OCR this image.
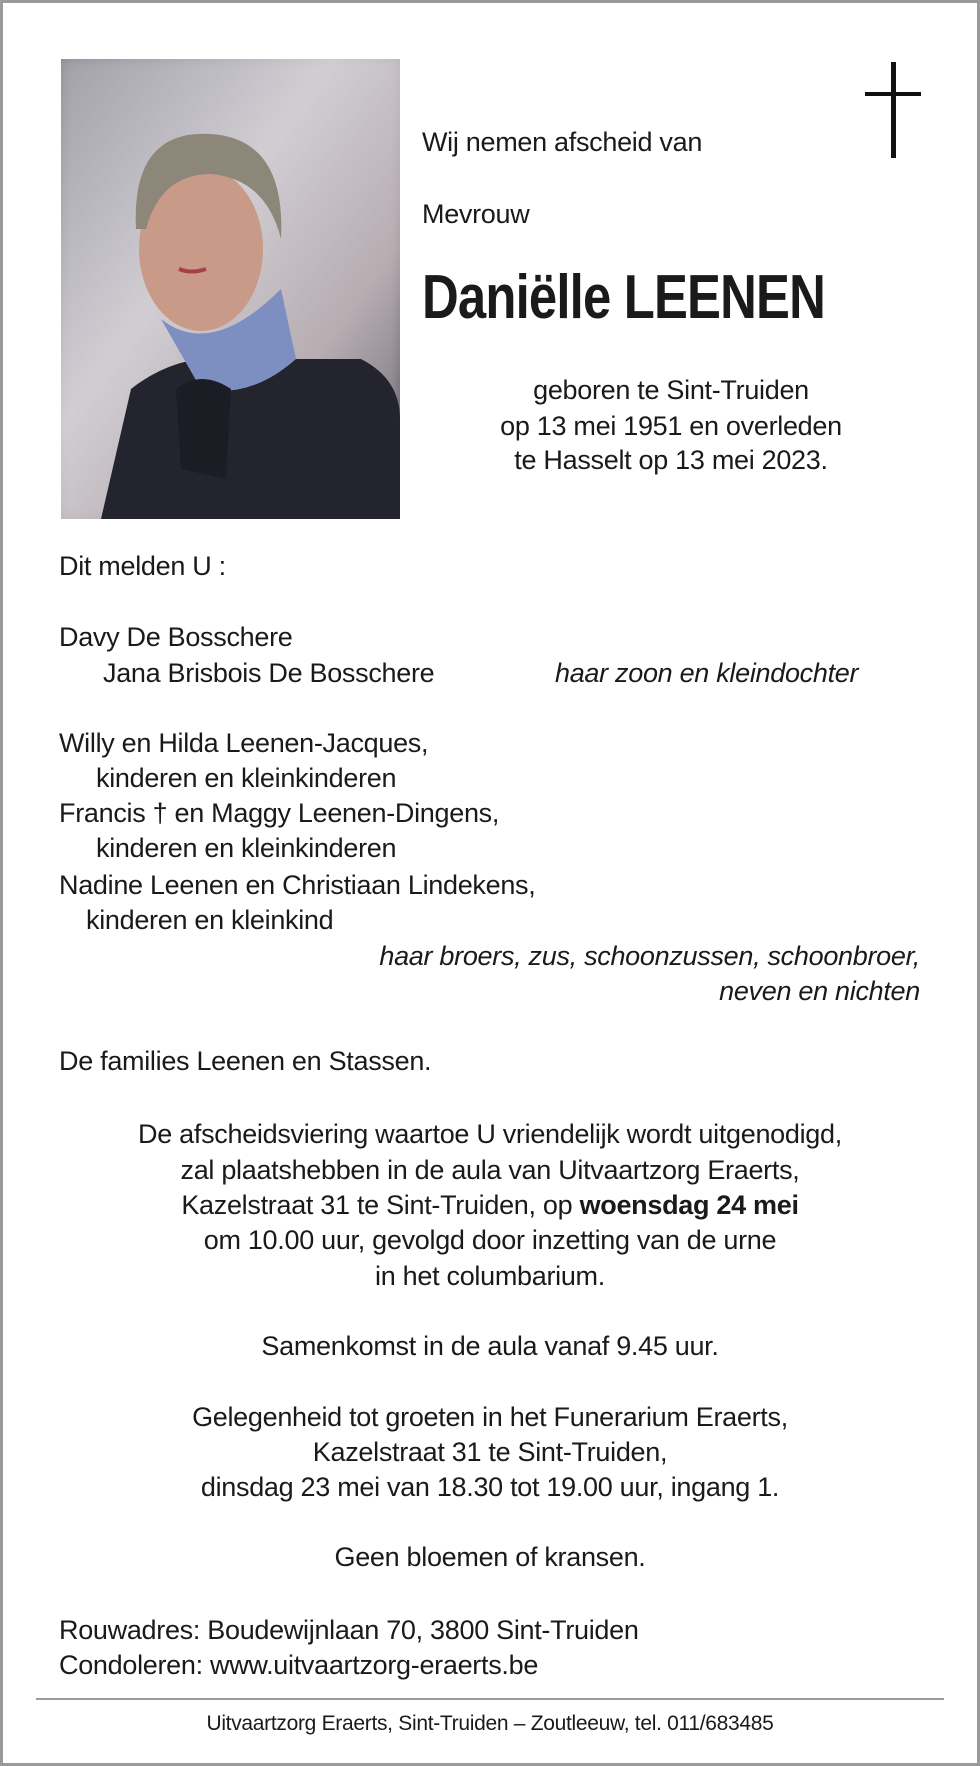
Wij nemen afscheid van
Mevrouw
Daniëlle LEENEN
geboren te Sint-Truiden
op 13 mei 1951 en overleden
te Hasselt op 13 mei 2023.
Dit melden U :
Davy De Bosschere
Jana Brisbois De Bosschere	haar zoon en kleindochter
Willy en Hilda Leenen-Jacques,
kinderen en kleinkinderen
Francis † en Maggy Leenen-Dingens,
kinderen en kleinkinderen
Nadine Leenen en Christiaan Lindekens,
kinderen en kleinkind
haar broers, zus, schoonzussen, schoonbroer,
neven en nichten
De families Leenen en Stassen.
De afscheidsviering waartoe U vriendelijk wordt uitgenodigd,
zal plaatshebben in de aula van Uitvaartzorg Eraerts,
Kazelstraat 31 te Sint-Truiden, op woensdag 24 mei
om 10.00 uur, gevolgd door inzetting van de urne
in het columbarium.
Samenkomst in de aula vanaf 9.45 uur.
Gelegenheid tot groeten in het Funerarium Eraerts,
Kazelstraat 31 te Sint-Truiden,
dinsdag 23 mei van 18.30 tot 19.00 uur, ingang 1.
Geen bloemen of kransen.
Rouwadres: Boudewijnlaan 70, 3800 Sint-Truiden
Condoleren: www.uitvaartzorg-eraerts.be
Uitvaartzorg Eraerts, Sint-Truiden – Zoutleeuw, tel. 011/683485
